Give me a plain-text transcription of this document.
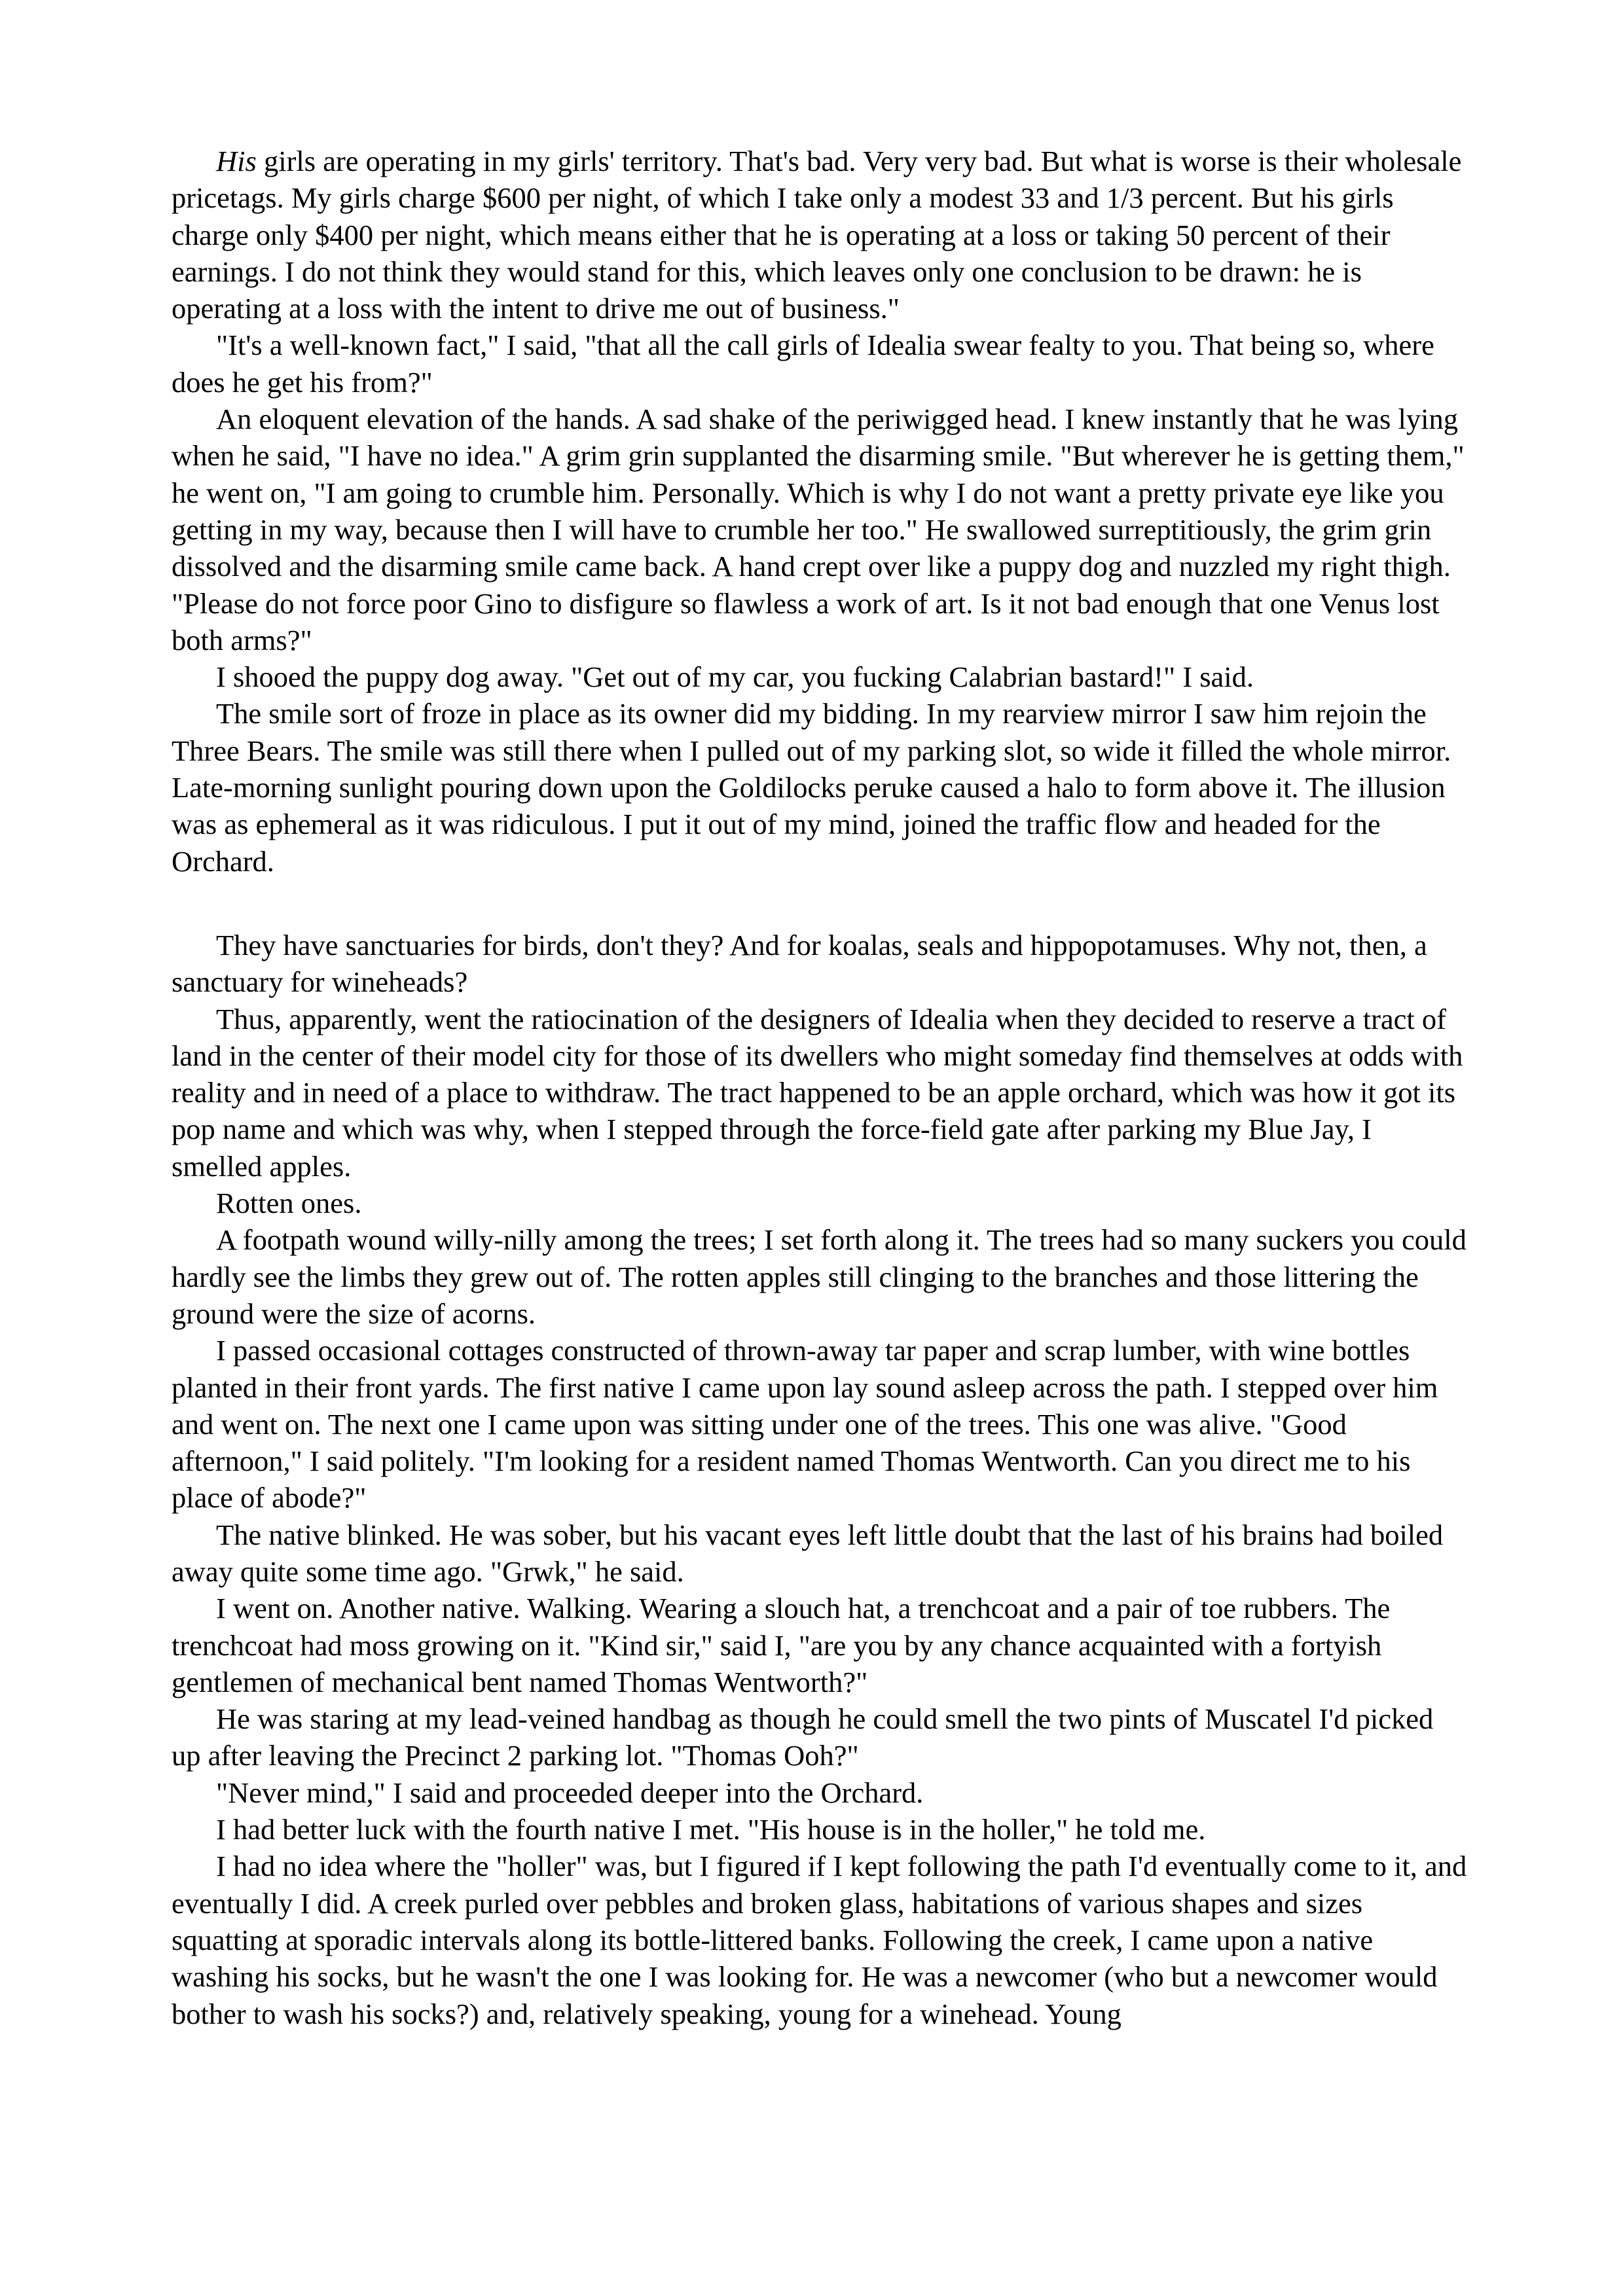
His girls are operating in my girls' territory. That's bad. Very very bad. But what is worse is their wholesale pricetags. My girls charge $600 per night, of which I take only a modest 33 and 1/3 percent. But his girls charge only $400 per night, which means either that he is operating at a loss or taking 50 percent of their earnings. I do not think they would stand for this, which leaves only one conclusion to be drawn: he is operating at a loss with the intent to drive me out of business."

"It's a well-known fact," I said, "that all the call girls of Idealia swear fealty to you. That being so, where does he get his from?"

An eloquent elevation of the hands. A sad shake of the periwigged head. I knew instantly that he was lying when he said, "I have no idea." A grim grin supplanted the disarming smile. "But wherever he is getting them," he went on, "I am going to crumble him. Personally. Which is why I do not want a pretty private eye like you getting in my way, because then I will have to crumble her too." He swallowed surreptitiously, the grim grin dissolved and the disarming smile came back. A hand crept over like a puppy dog and nuzzled my right thigh. "Please do not force poor Gino to disfigure so flawless a work of art. Is it not bad enough that one Venus lost both arms?"

I shooed the puppy dog away. "Get out of my car, you fucking Calabrian bastard!" I said.

The smile sort of froze in place as its owner did my bidding. In my rearview mirror I saw him rejoin the Three Bears. The smile was still there when I pulled out of my parking slot, so wide it filled the whole mirror. Late-morning sunlight pouring down upon the Goldilocks peruke caused a halo to form above it. The illusion was as ephemeral as it was ridiculous. I put it out of my mind, joined the traffic flow and headed for the Orchard.

They have sanctuaries for birds, don't they? And for koalas, seals and hippopotamuses. Why not, then, a sanctuary for wineheads?

Thus, apparently, went the ratiocination of the designers of Idealia when they decided to reserve a tract of land in the center of their model city for those of its dwellers who might someday find themselves at odds with reality and in need of a place to withdraw. The tract happened to be an apple orchard, which was how it got its pop name and which was why, when I stepped through the force-field gate after parking my Blue Jay, I smelled apples.

Rotten ones.

A footpath wound willy-nilly among the trees; I set forth along it. The trees had so many suckers you could hardly see the limbs they grew out of. The rotten apples still clinging to the branches and those littering the ground were the size of acorns.

I passed occasional cottages constructed of thrown-away tar paper and scrap lumber, with wine bottles planted in their front yards. The first native I came upon lay sound asleep across the path. I stepped over him and went on. The next one I came upon was sitting under one of the trees. This one was alive. "Good afternoon," I said politely. "I'm looking for a resident named Thomas Wentworth. Can you direct me to his place of abode?"

The native blinked. He was sober, but his vacant eyes left little doubt that the last of his brains had boiled away quite some time ago. "Grwk," he said.

I went on. Another native. Walking. Wearing a slouch hat, a trenchcoat and a pair of toe rubbers. The trenchcoat had moss growing on it. "Kind sir," said I, "are you by any chance acquainted with a fortyish gentlemen of mechanical bent named Thomas Wentworth?"

He was staring at my lead-veined handbag as though he could smell the two pints of Muscatel I'd picked up after leaving the Precinct 2 parking lot. "Thomas Ooh?"

"Never mind," I said and proceeded deeper into the Orchard.

I had better luck with the fourth native I met. "His house is in the holler," he told me.

I had no idea where the "holler" was, but I figured if I kept following the path I'd eventually come to it, and eventually I did. A creek purled over pebbles and broken glass, habitations of various shapes and sizes squatting at sporadic intervals along its bottle-littered banks. Following the creek, I came upon a native washing his socks, but he wasn't the one I was looking for. He was a newcomer (who but a newcomer would bother to wash his socks?) and, relatively speaking, young for a winehead. Young
